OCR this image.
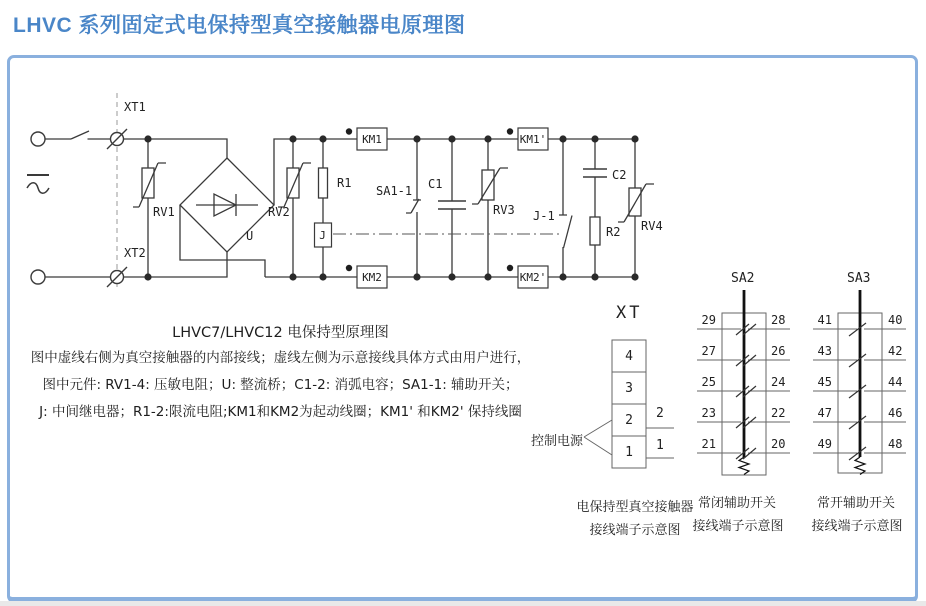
LHVC 系列固定式电保持型真空接触器电原理图
XT1
XT2
RV1
U
RV2
R1
SA1-1 C1
RV3 J-1
C2
R2 RV4
KM1	KM1'
KM2	KM2'
J
LHVC7/LHVC12 电保持型原理图
图中虚线右侧为真空接触器的内部接线；虚线左侧为示意接线具体方式由用户进行，
图中元件: RV1-4: 压敏电阻；U: 整流桥；C1-2: 消弧电容；SA1-1: 辅助开关；
J: 中间继电器；R1-2:限流电阻;KM1和KM2为起动线圈；KM1' 和KM2' 保持线圈
XT
4
3
2
1
2
1
控制电源
电保持型真空接触器
接线端子示意图
SA2
29
27
25
23
21
28
26
24
22
20
常闭辅助开关
接线端子示意图
SA3
41
43
45
47
49
40
42
44
46
48
常开辅助开关
接线端子示意图
